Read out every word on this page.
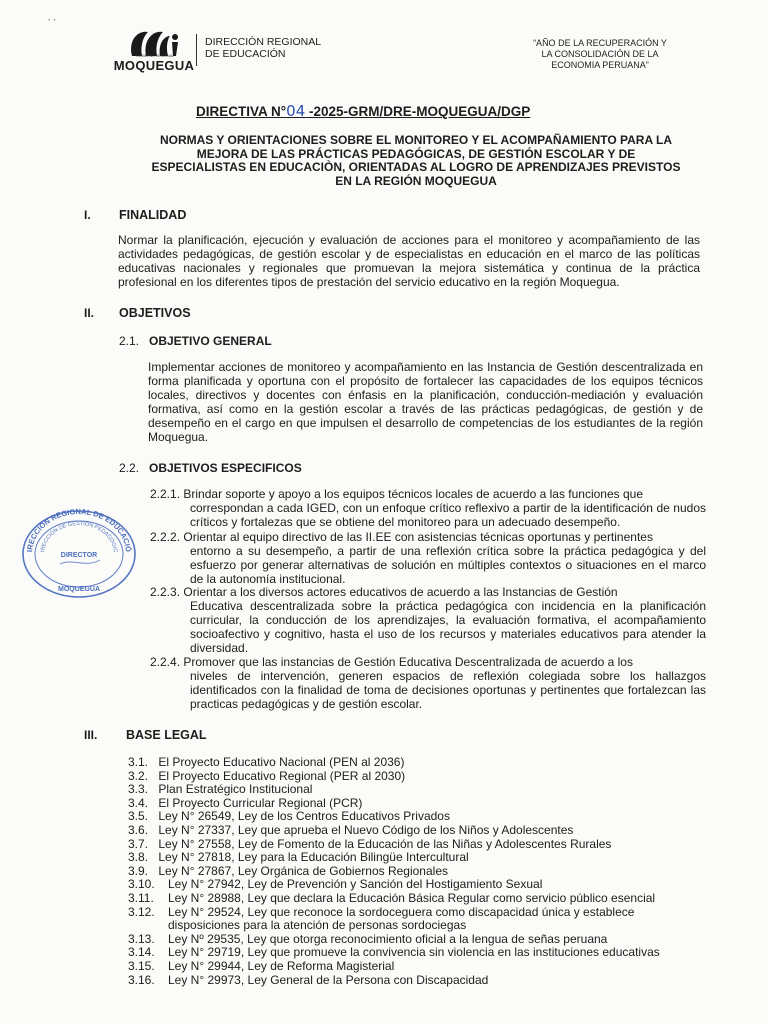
•  •
GOBIERNO REGIONAL
MOQUEGUA
DIRECCIÓN REGIONAL
DE EDUCACIÓN
“AÑO DE LA RECUPERACIÓN Y
LA CONSOLIDACIÓN DE LA
ECONOMIA PERUANA”
DIRECTIVA N°04 -2025-GRM/DRE-MOQUEGUA/DGP
NORMAS Y ORIENTACIONES SOBRE EL MONITOREO Y EL ACOMPAÑAMIENTO PARA LA
MEJORA DE LAS PRÁCTICAS PEDAGÓGICAS, DE GESTIÓN ESCOLAR Y DE
ESPECIALISTAS EN EDUCACIÒN, ORIENTADAS AL LOGRO DE APRENDIZAJES PREVISTOS
EN LA REGIÓN MOQUEGUA
I. FINALIDAD
Normar la planificación, ejecución y evaluación de acciones para el monitoreo y acompañamiento de las actividades pedagógicas, de gestión escolar y de especialistas en educación en el marco de las políticas educativas nacionales y regionales que promuevan la mejora sistemática y continua de la práctica profesional en los diferentes tipos de prestación del servicio educativo en la región Moquegua.
II. OBJETIVOS
2.1. OBJETIVO GENERAL
Implementar acciones de monitoreo y acompañamiento en las Instancia de Gestión descentralizada en forma planificada y oportuna con el propósito de fortalecer las capacidades de los equipos técnicos locales, directivos y docentes con énfasis en la planificación, conducción-mediación y evaluación formativa, así como en la gestión escolar a través de las prácticas pedagógicas, de gestión y de desempeño en el cargo en que impulsen el desarrollo de competencias de los estudiantes de la región Moquegua.
2.2. OBJETIVOS ESPECIFICOS
2.2.1. Brindar soporte y apoyo a los equipos técnicos locales de acuerdo a las funciones que
correspondan a cada IGED, con un enfoque crítico reflexivo a partir de la identificación de nudos críticos y fortalezas que se obtiene del monitoreo para un adecuado desempeño.
2.2.2. Orientar al equipo directivo de las II.EE con asistencias técnicas oportunas y pertinentes
entorno a su desempeño, a partir de una reflexión crítica sobre la práctica pedagógica y del esfuerzo por generar alternativas de solución en múltiples contextos o situaciones en el marco de la autonomía institucional.
2.2.3. Orientar a los diversos actores educativos de acuerdo a las Instancias de Gestión
Educativa descentralizada sobre la práctica pedagógica con incidencia en la planificación curricular, la conducción de los aprendizajes, la evaluación formativa, el acompañamiento socioafectivo y cognitivo, hasta el uso de los recursos y materiales educativos para atender la diversidad.
2.2.4. Promover que las instancias de Gestión Educativa Descentralizada de acuerdo a los
niveles de intervención, generen espacios de reflexión colegiada sobre los hallazgos identificados con la finalidad de toma de decisiones oportunas y pertinentes que fortalezcan las practicas pedagógicas y de gestión escolar.
III. BASE LEGAL
3.1. El Proyecto Educativo Nacional (PEN al 2036)
3.2. El Proyecto Educativo Regional (PER al 2030)
3.3. Plan Estratégico Institucional
3.4. El Proyecto Curricular Regional (PCR)
3.5. Ley N° 26549, Ley de los Centros Educativos Privados
3.6. Ley N° 27337, Ley que aprueba el Nuevo Código de los Niños y Adolescentes
3.7. Ley N° 27558, Ley de Fomento de la Educación de las Niñas y Adolescentes Rurales
3.8. Ley N° 27818, Ley para la Educación Bilingüe Intercultural
3.9. Ley N° 27867, Ley Orgánica de Gobiernos Regionales
3.10. Ley N° 27942, Ley de Prevención y Sanción del Hostigamiento Sexual
3.11. Ley N° 28988, Ley que declara la Educación Básica Regular como servicio público esencial
3.12. Ley N° 29524, Ley que reconoce la sordoceguera como discapacidad única y establece
disposiciones para la atención de personas sordociegas
3.13. Ley Nº 29535, Ley que otorga reconocimiento oficial a la lengua de señas peruana
3.14. Ley N° 29719, Ley que promueve la convivencia sin violencia en las instituciones educativas
3.15. Ley N° 29944, Ley de Reforma Magisterial
3.16. Ley N° 29973, Ley General de la Persona con Discapacidad
IRECCIÓN REGIONAL DE EDUCACIÓ
IRECCIÓN DE GESTIÓN PEDAGÓGIC
DIRECTOR
MOQUEGUA
